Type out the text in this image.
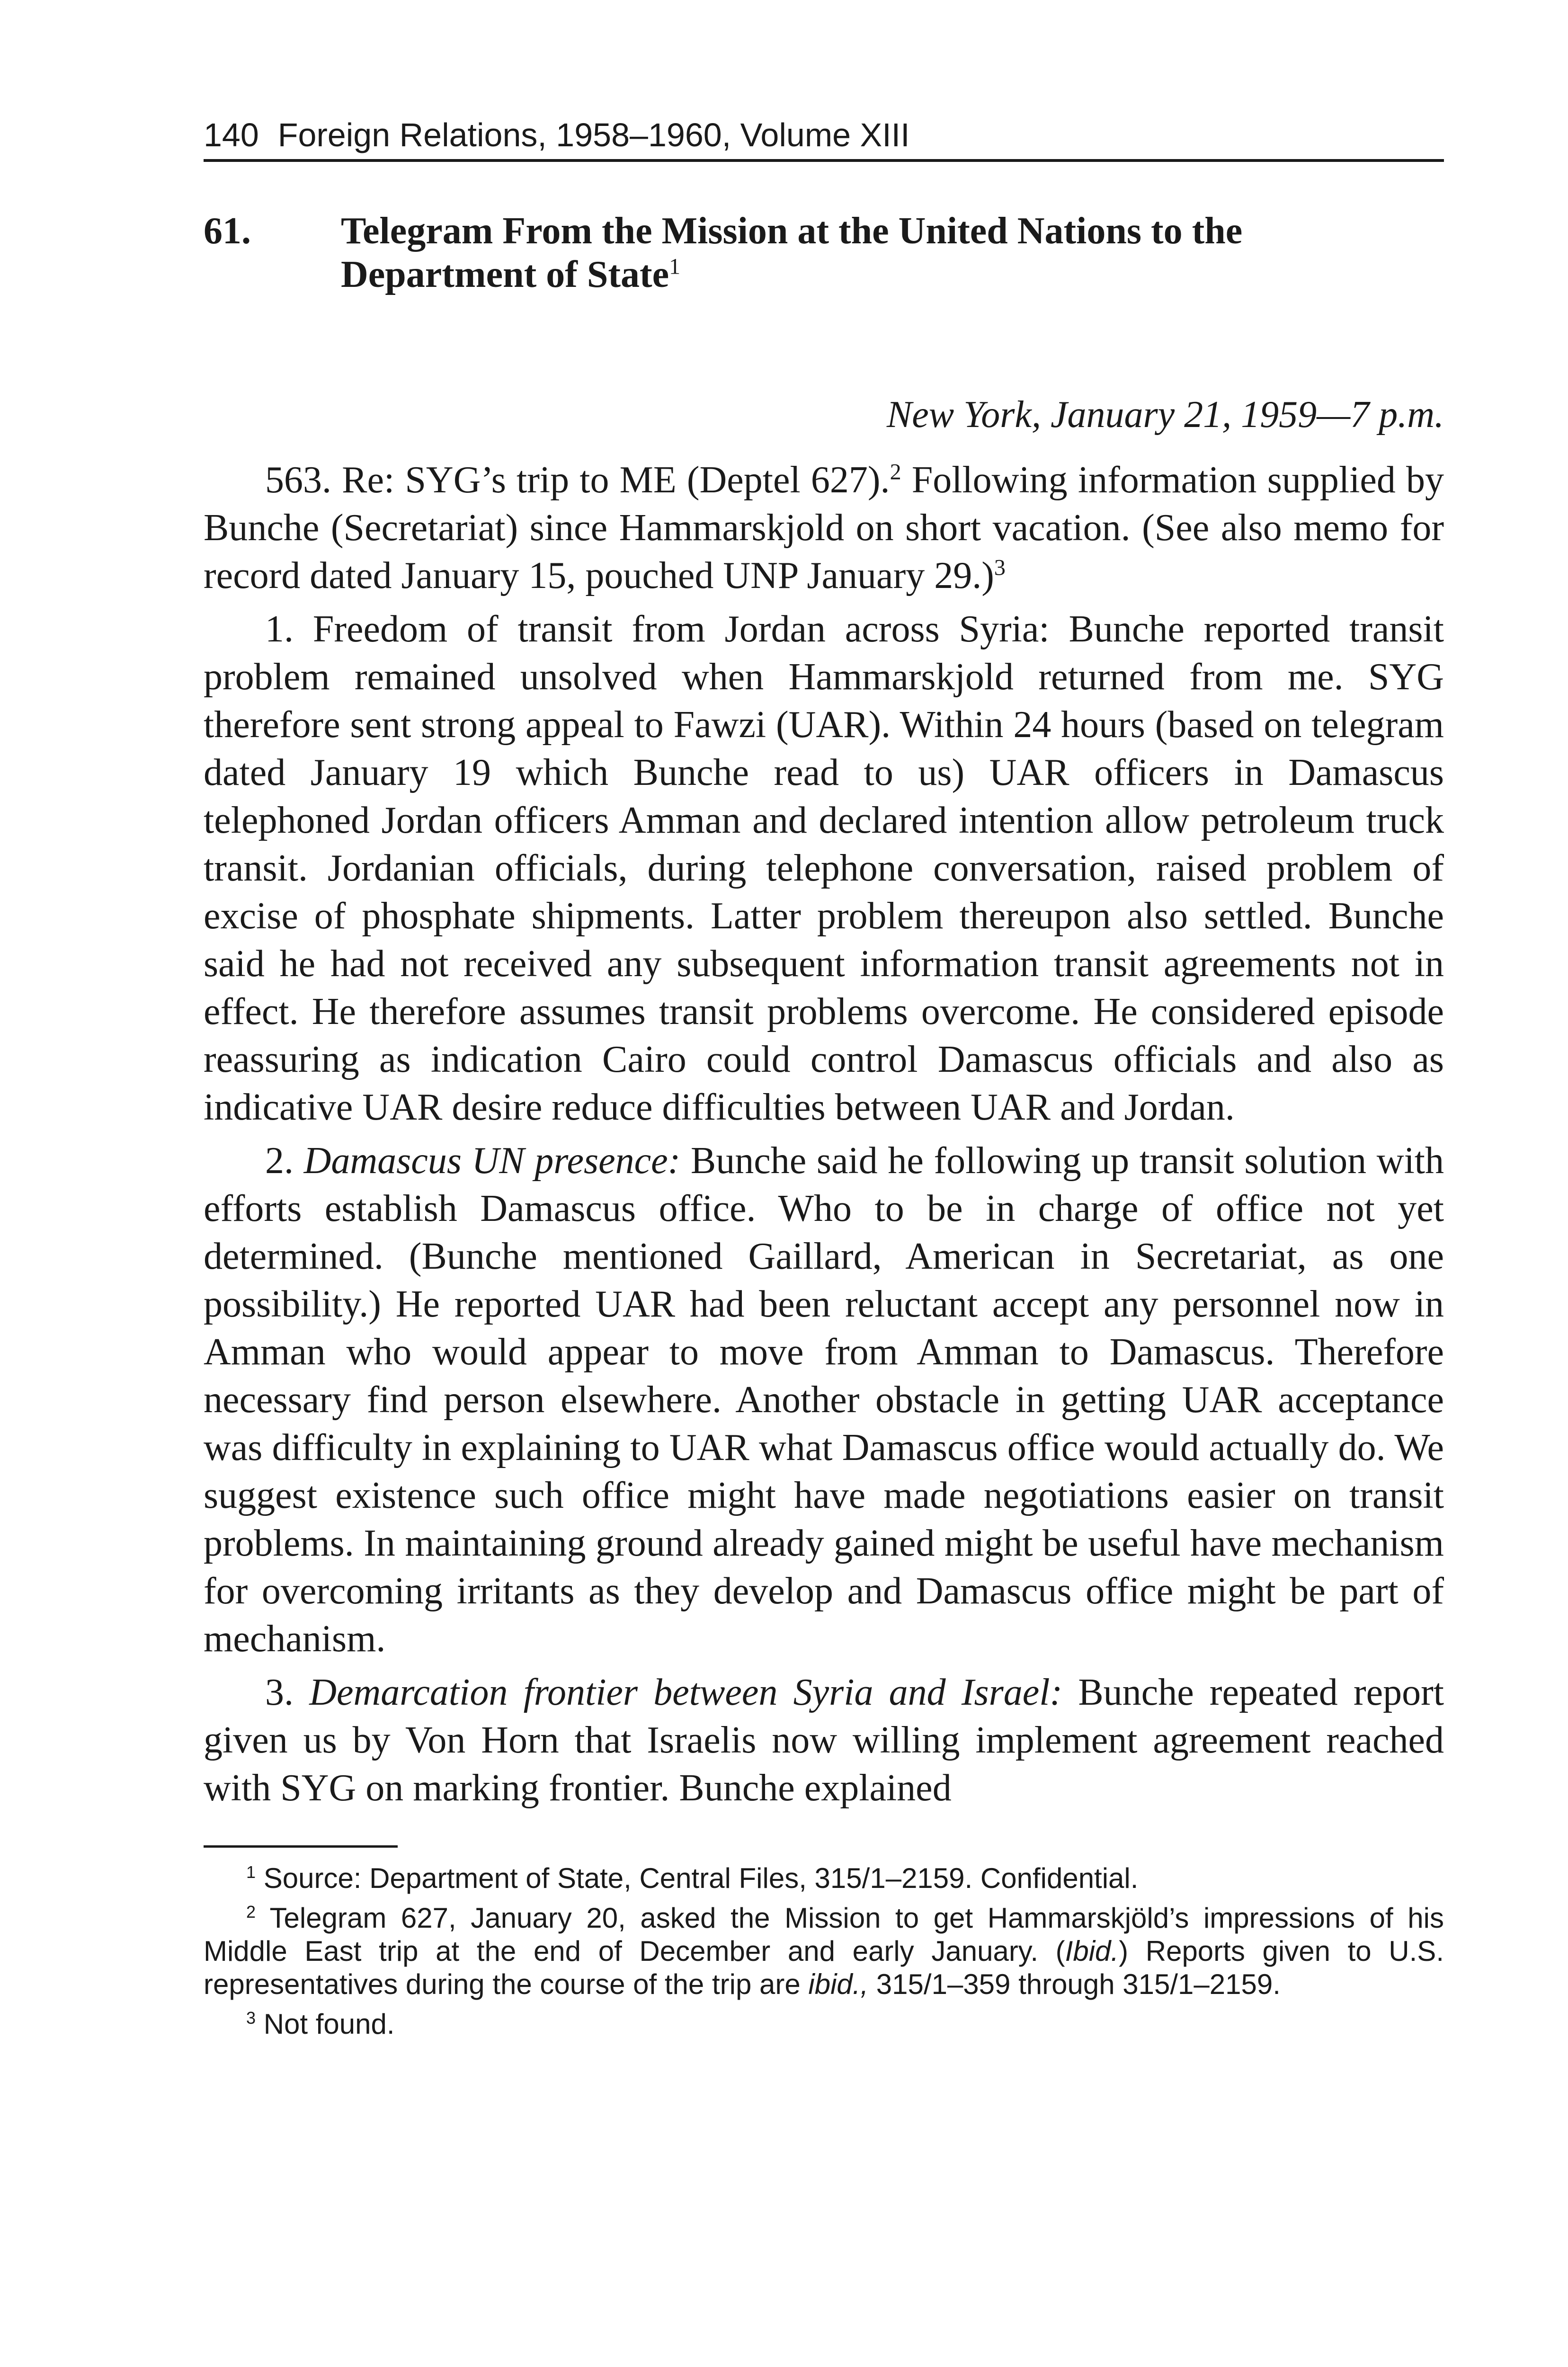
140 Foreign Relations, 1958–1960, Volume XIII
61.	Telegram From the Mission at the United Nations to the Department of State$^1$
New York, January 21, 1959—7 p.m.

563. Re: SYG’s trip to ME (Deptel 627).$^2$ Following information supplied by Bunche (Secretariat) since Hammarskjold on short vacation. (See also memo for record dated January 15, pouched UNP January 29.)$^3$

1. Freedom of transit from Jordan across Syria: Bunche reported transit problem remained unsolved when Hammarskjold returned from me. SYG therefore sent strong appeal to Fawzi (UAR). Within 24 hours (based on telegram dated January 19 which Bunche read to us) UAR officers in Damascus telephoned Jordan officers Amman and declared intention allow petroleum truck transit. Jordanian officials, during telephone conversation, raised problem of excise of phosphate shipments. Latter problem thereupon also settled. Bunche said he had not received any subsequent information transit agreements not in effect. He therefore assumes transit problems overcome. He considered episode reassuring as indication Cairo could control Damascus officials and also as indicative UAR desire reduce difficulties between UAR and Jordan.

2. Damascus UN presence: Bunche said he following up transit solution with efforts establish Damascus office. Who to be in charge of office not yet determined. (Bunche mentioned Gaillard, American in Secretariat, as one possibility.) He reported UAR had been reluctant accept any personnel now in Amman who would appear to move from Amman to Damascus. Therefore necessary find person elsewhere. Another obstacle in getting UAR acceptance was difficulty in explaining to UAR what Damascus office would actually do. We suggest existence such office might have made negotiations easier on transit problems. In maintaining ground already gained might be useful have mechanism for overcoming irritants as they develop and Damascus office might be part of mechanism.

3. Demarcation frontier between Syria and Israel: Bunche repeated report given us by Von Horn that Israelis now willing implement agreement reached with SYG on marking frontier. Bunche explained

$^1$ Source: Department of State, Central Files, 315/1–2159. Confidential.

$^2$ Telegram 627, January 20, asked the Mission to get Hammarskjöld’s impressions of his Middle East trip at the end of December and early January. (Ibid.) Reports given to U.S. representatives during the course of the trip are ibid., 315/1–359 through 315/1–2159.

$^3$ Not found.
